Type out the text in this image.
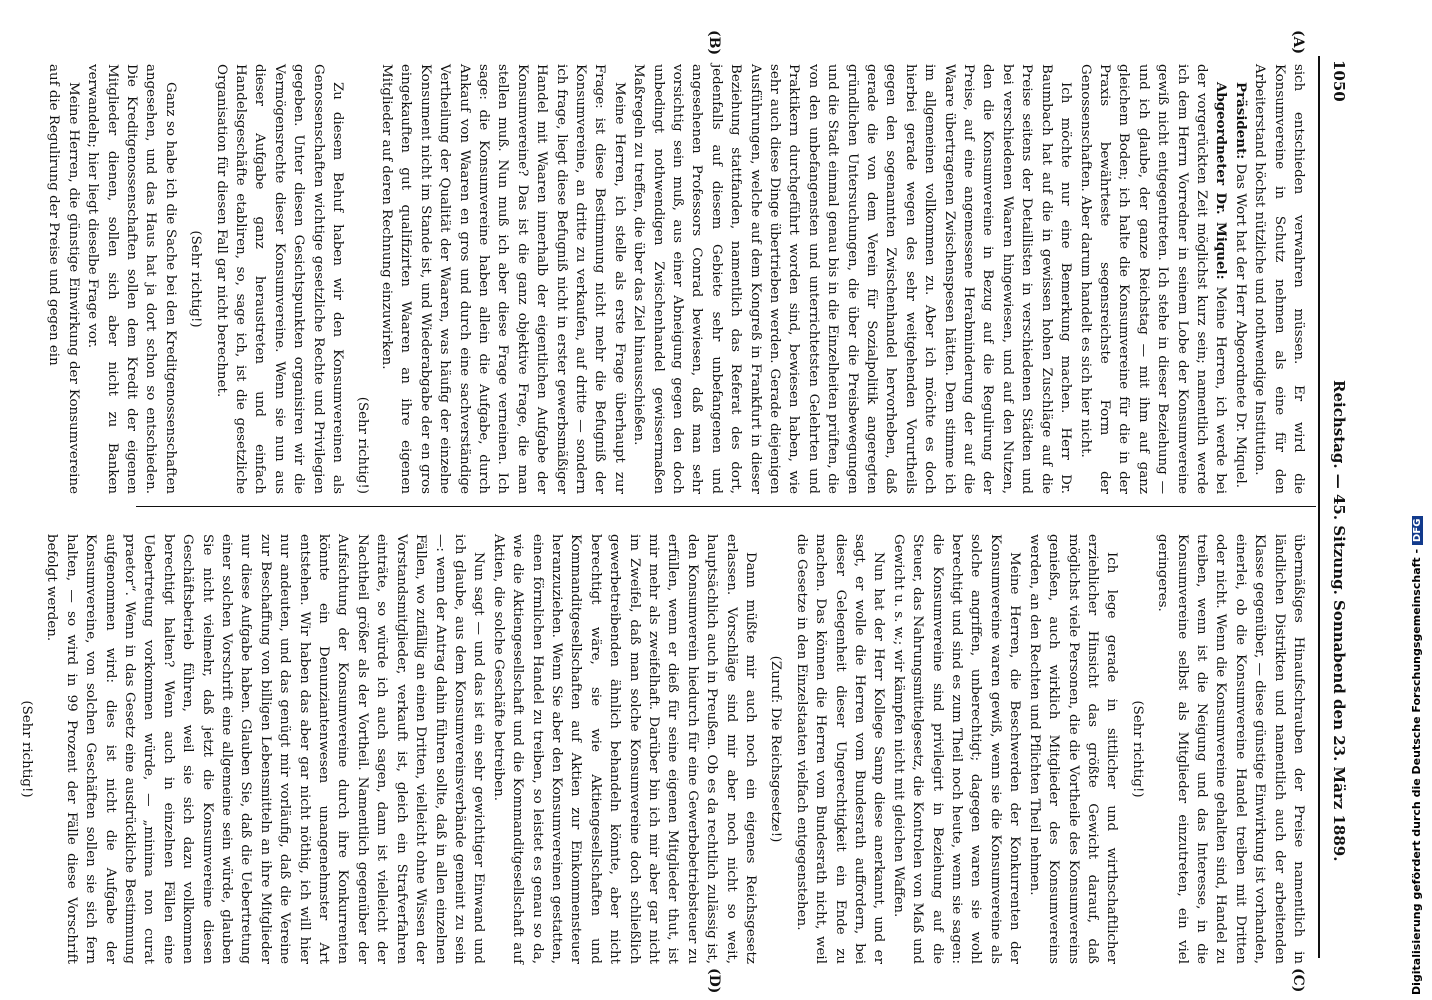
1050
Reichstag. — 45. Sitzung. Sonnabend den 23. März 1889.
(A)
(B)
(C)
(D)

sich entschieden verwahren müssen. Er wird die Konsumvereine in Schutz nehmen als eine für den Arbeiterstand höchst nützliche und nothwendige Institution.

Präsident: Das Wort hat der Herr Abgeordnete Dr. Miquel.

Abgeordneter Dr. Miquel: Meine Herren, ich werde bei der vorgerückten Zeit möglichst kurz sein; namentlich werde ich dem Herrn Vorredner in seinem Lobe der Konsumvereine gewiß nicht entgegentreten. Ich stehe in dieser Beziehung — und ich glaube, der ganze Reichstag — mit ihm auf ganz gleichem Boden; ich halte die Konsumvereine für die in der Praxis bewährteste segensreichste Form der Genossenschaften. Aber darum handelt es sich hier nicht.

Ich möchte nur eine Bemerkung machen. Herr Dr. Baumbach hat auf die in gewissen hohen Zuschläge auf die Preise seitens der Detaillisten in verschiedenen Städten und bei verschiedenen Waaren hingewiesen, und auf den Nutzen, den die Konsumvereine in Bezug auf die Regulirung der Preise, auf eine angemessene Herabminderung der auf die Waare übertragenen Zwischenspesen hätten. Dem stimme ich im allgemeinen vollkommen zu. Aber ich möchte es doch hierbei gerade wegen des sehr weitgehenden Vorurtheils gegen den sogenannten Zwischenhandel hervorheben, daß gerade die von dem Verein für Sozialpolitik angeregten gründlichen Untersuchungen, die über die Preisbewegungen und die Stadt einmal genau bis in die Einzelheiten prüften, die von den unbefangensten und unterrichtetsten Gelehrten und Praktikern durchgeführt worden sind, bewiesen haben, wie sehr auch diese Dinge übertrieben werden. Gerade diejenigen Ausführungen, welche auf dem Kongreß in Frankfurt in dieser Beziehung stattfanden, namentlich das Referat des dort, jedenfalls auf diesem Gebiete sehr unbefangenen und angesehenen Professors Conrad bewiesen, daß man sehr vorsichtig sein muß, aus einer Abneigung gegen den doch unbedingt nothwendigen Zwischenhandel gewissermaßen Maßregeln zu treffen, die über das Ziel hinausschießen.

Meine Herren, ich stelle als erste Frage überhaupt zur Frage: ist diese Bestimmung nicht mehr die Befugniß der Konsumvereine, an dritte zu verkaufen, auf dritte — sondern ich frage, liegt diese Befugniß nicht in erster gewerbsmäßiger Handel mit Waaren innerhalb der eigentlichen Aufgabe der Konsumvereine? Das ist die ganz objektive Frage, die man stellen muß. Nun muß ich aber diese Frage verneinen. Ich sage: die Konsumvereine haben allein die Aufgabe, durch Ankauf von Waaren en gros und durch eine sachverständige Vertheilung der Qualität der Waaren, was häufig der einzelne Konsument nicht im Stande ist, und Wiederabgabe der en gros eingekauften gut qualifizirten Waaren an ihre eigenen Mitglieder auf deren Rechnung einzuwirken.

(Sehr richtig!)

Zu diesem Behuf haben wir den Konsumvereinen als Genossenschaften wichtige gesetzliche Rechte und Privilegien gegeben. Unter diesen Gesichtspunkten organisiren wir die Vermögensrechte dieser Konsumvereine. Wenn sie nun aus dieser Aufgabe ganz heraustreten und einfach Handelsgeschäfte etabliren, so, sage ich, ist die gesetzliche Organisation für diesen Fall gar nicht berechnet.

(Sehr richtig!)

Ganz so habe ich die Sache bei den Kreditgenossenschaften angesehen, und das Haus hat ja dort schon so entschieden. Die Kreditgenossenschaften sollen dem Kredit der eigenen Mitglieder dienen, sollen sich aber nicht zu Banken verwandeln; hier liegt dieselbe Frage vor.

Meine Herren, die günstige Einwirkung der Konsumvereine auf die Regulirung der Preise und gegen ein

übermäßiges Hinaufschrauben der Preise namentlich in ländlichen Distrikten und namentlich auch der arbeitenden Klasse gegenüber, — diese günstige Einwirkung ist vorhanden, einerlei, ob die Konsumvereine Handel treiben mit Dritten oder nicht. Wenn die Konsumvereine gehalten sind, Handel zu treiben, wenn ist die Neigung und das Interesse, in die Konsumvereine selbst als Mitglieder einzutreten, ein viel geringeres.

(Sehr richtig!)

Ich lege gerade in sittlicher und wirthschaftlicher erziehlicher Hinsicht das größte Gewicht darauf, daß möglichst viele Personen, die die Vortheile des Konsumvereins genießen, auch wirklich Mitglieder des Konsumvereins werden, an den Rechten und Pflichten Theil nehmen.

Meine Herren, die Beschwerden der Konkurrenten der Konsumvereine waren gewiß, wenn sie die Konsumvereine als solche angriffen, unberechtigt; dagegen waren sie wohl berechtigt und sind es zum Theil noch heute, wenn sie sagen: die Konsumvereine sind privilegirt in Beziehung auf die Steuer, das Nahrungsmittelgesetz, die Kontrolen von Maß und Gewicht u. s. w.; wir kämpfen nicht mit gleichen Waffen.

Nun hat der Herr Kollege Samp diese anerkannt, und er sagt, er wolle die Herren vom Bundesrath auffordern, bei dieser Gelegenheit dieser Ungerechtigkeit ein Ende zu machen. Das können die Herren vom Bundesrath nicht, weil die Gesetze in den Einzelstaaten vielfach entgegenstehen.

(Zuruf: Die Reichsgesetze!)

Dann müßte mir auch noch ein eigenes Reichsgesetz erlassen. Vorschläge sind mir aber noch nicht so weit, hauptsächlich auch in Preußen. Ob es da rechtlich zulässig ist, den Konsumverein hiedurch für eine Gewerbebetriebsteuer zu erfüllen, wenn er dieß für seine eigenen Mitglieder thut, ist mir mehr als zweifelhaft. Darüber bin ich mir aber gar nicht im Zweifel, daß man solche Konsumvereine doch schließlich gewerbetreibenden ähnlich behandeln könnte, aber nicht berechtigt wäre, sie wie Aktiengesellschaften und Kommanditgesellschaften auf Aktien zur Einkommensteuer heranzuziehen. Wenn Sie aber den Konsumvereinen gestatten, einen förmlichen Handel zu treiben, so leistet es genau so da, wie die Aktiengesellschaft und die Kommanditgesellschaft auf Aktien, die solche Geschäfte betreiben.

Nun sagt — und das ist ein sehr gewichtiger Einwand und ich glaube, aus dem Konsumvereinsverbände gemeint zu sein —: wenn der Antrag dahin führen sollte, daß in allen einzelnen Fällen, wo zufällig an einen Dritten, vielleicht ohne Wissen der Vorstandsmitglieder, verkauft ist, gleich ein Strafverfahren einträte, so würde ich auch sagen, dann ist vielleicht der Nachtheil größer als der Vortheil. Namentlich gegenüber der Aufsichtung der Konsumvereine durch ihre Konkurrenten könnte ein Denunziantenwesen unangenehmster Art entstehen. Wir haben das aber gar nicht nöthig, ich will hier nur andeuten, und das genügt mir vorläufig, daß die Vereine zur Beschaffung von billigen Lebensmitteln an ihre Mitglieder nur diese Aufgabe haben. Glauben Sie, daß die Uebertretung einer solchen Vorschrift eine allgemeine sein würde, glauben Sie nicht vielmehr, daß jetzt die Konsumvereine diesen Geschäftsbetrieb führen, weil sie sich dazu vollkommen berechtigt halten? Wenn auch in einzelnen Fällen eine Uebertretung vorkommen würde, — „minima non curat praetor“. Wenn in das Gesetz eine ausdrückliche Bestimmung aufgenommen wird: dies ist nicht die Aufgabe der Konsumvereine, von solchen Geschäften sollen sie sich fern halten, — so wird in 99 Prozent der Fälle diese Vorschrift befolgt werden.

(Sehr richtig!)	Digitalisierung gefördert durch die Deutsche Forschungsgemeinschaft -DFG
